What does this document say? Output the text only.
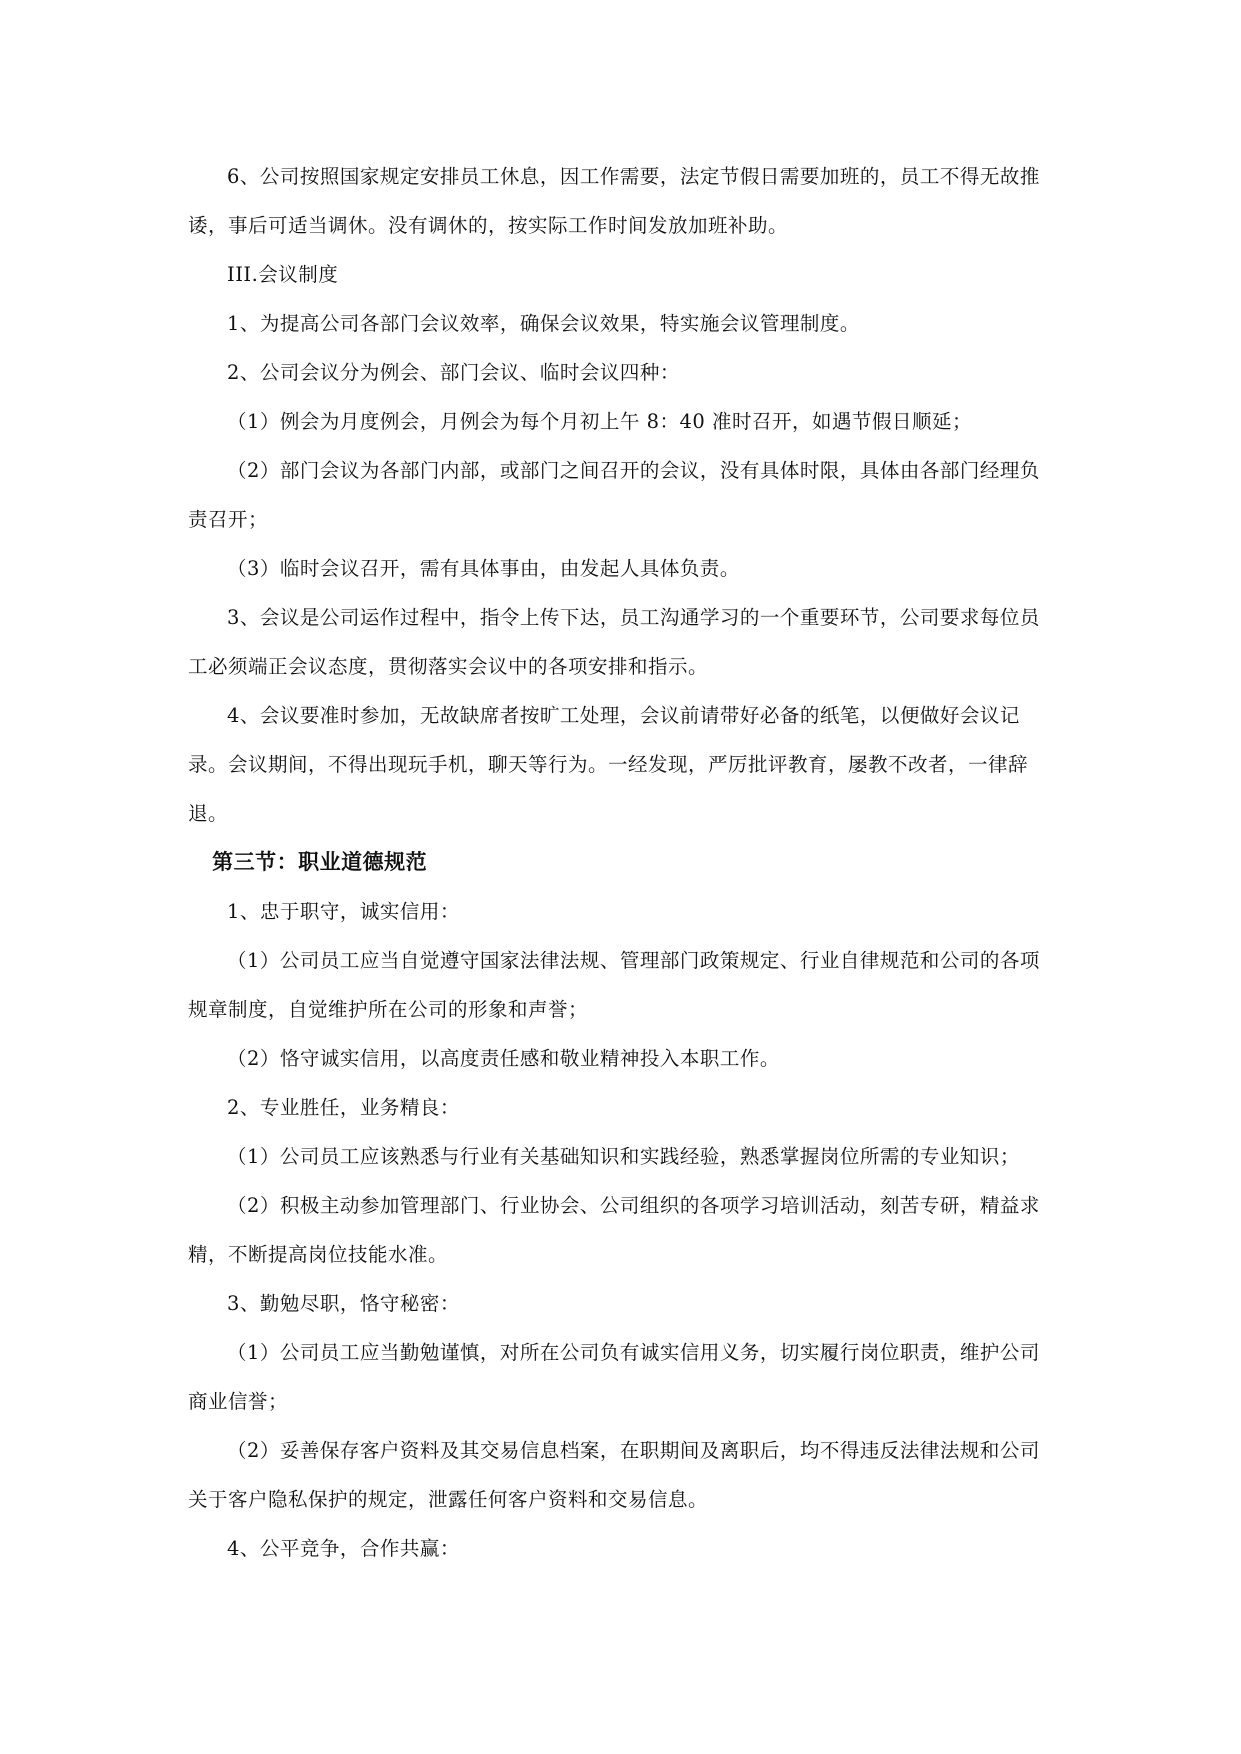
6、公司按照国家规定安排员工休息，因工作需要，法定节假日需要加班的，员工不得无故推诿，事后可适当调休。没有调休的，按实际工作时间发放加班补助。

III.会议制度

1、为提高公司各部门会议效率，确保会议效果，特实施会议管理制度。

2、公司会议分为例会、部门会议、临时会议四种：

（1）例会为月度例会，月例会为每个月初上午 8：40 准时召开，如遇节假日顺延；

（2）部门会议为各部门内部，或部门之间召开的会议，没有具体时限，具体由各部门经理负责召开；

（3）临时会议召开，需有具体事由，由发起人具体负责。

3、会议是公司运作过程中，指令上传下达，员工沟通学习的一个重要环节，公司要求每位员工必须端正会议态度，贯彻落实会议中的各项安排和指示。

4、会议要准时参加，无故缺席者按旷工处理，会议前请带好必备的纸笔，以便做好会议记录。会议期间，不得出现玩手机，聊天等行为。一经发现，严厉批评教育，屡教不改者，一律辞退。

第三节：职业道德规范

1、忠于职守，诚实信用：

（1）公司员工应当自觉遵守国家法律法规、管理部门政策规定、行业自律规范和公司的各项规章制度，自觉维护所在公司的形象和声誉；

（2）恪守诚实信用，以高度责任感和敬业精神投入本职工作。

2、专业胜任，业务精良：

（1）公司员工应该熟悉与行业有关基础知识和实践经验，熟悉掌握岗位所需的专业知识；

（2）积极主动参加管理部门、行业协会、公司组织的各项学习培训活动，刻苦专研，精益求精，不断提高岗位技能水准。

3、勤勉尽职，恪守秘密：

（1）公司员工应当勤勉谨慎，对所在公司负有诚实信用义务，切实履行岗位职责，维护公司商业信誉；

（2）妥善保存客户资料及其交易信息档案，在职期间及离职后，均不得违反法律法规和公司关于客户隐私保护的规定，泄露任何客户资料和交易信息。

4、公平竞争，合作共赢：
